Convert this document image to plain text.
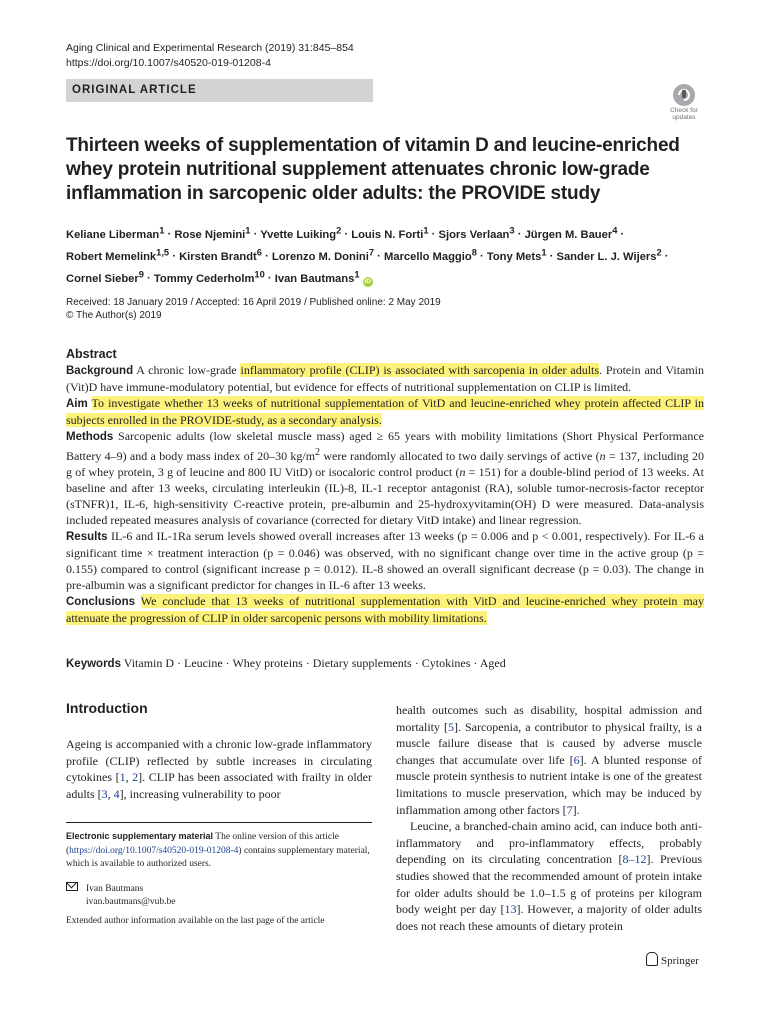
Aging Clinical and Experimental Research (2019) 31:845–854
https://doi.org/10.1007/s40520-019-01208-4
ORIGINAL ARTICLE
Check for
updates
Thirteen weeks of supplementation of vitamin D and leucine-enriched whey protein nutritional supplement attenuates chronic low-grade inflammation in sarcopenic older adults: the PROVIDE study
Keliane Liberman$^1$ · Rose Njemini$^1$ · Yvette Luiking$^2$ · Louis N. Forti$^1$ · Sjors Verlaan$^3$ · Jürgen M. Bauer$^4$ ·
Robert Memelink$^{1,5}$ · Kirsten Brandt$^6$ · Lorenzo M. Donini$^7$ · Marcello Maggio$^8$ · Tony Mets$^1$ · Sander L. J. Wijers$^2$ ·
Cornel Sieber$^9$ · Tommy Cederholm$^{10}$ · Ivan Bautmans$^1$ iD
Received: 18 January 2019 / Accepted: 16 April 2019 / Published online: 2 May 2019
© The Author(s) 2019
Abstract

Background A chronic low-grade inflammatory profile (CLIP) is associated with sarcopenia in older adults. Protein and Vitamin (Vit)D have immune-modulatory potential, but evidence for effects of nutritional supplementation on CLIP is limited.

Aim To investigate whether 13 weeks of nutritional supplementation of VitD and leucine-enriched whey protein affected CLIP in subjects enrolled in the PROVIDE-study, as a secondary analysis.

Methods Sarcopenic adults (low skeletal muscle mass) aged ≥ 65 years with mobility limitations (Short Physical Performance Battery 4–9) and a body mass index of 20–30 $kg/m^2$ were randomly allocated to two daily servings of active (n = 137, including 20 g of whey protein, 3 g of leucine and 800 IU VitD) or isocaloric control product (n = 151) for a double-blind period of 13 weeks. At baseline and after 13 weeks, circulating interleukin (IL)-8, IL-1 receptor antagonist (RA), soluble tumor-necrosis-factor receptor (sTNFR)1, IL-6, high-sensitivity C-reactive protein, pre-albumin and 25-hydroxyvitamin(OH) D were measured. Data-analysis included repeated measures analysis of covariance (corrected for dietary VitD intake) and linear regression.

Results IL-6 and IL-1Ra serum levels showed overall increases after 13 weeks (p = 0.006 and p < 0.001, respectively). For IL-6 a significant time × treatment interaction (p = 0.046) was observed, with no significant change over time in the active group (p = 0.155) compared to control (significant increase p = 0.012). IL-8 showed an overall significant decrease (p = 0.03). The change in pre-albumin was a significant predictor for changes in IL-6 after 13 weeks.

Conclusions We conclude that 13 weeks of nutritional supplementation with VitD and leucine-enriched whey protein may attenuate the progression of CLIP in older sarcopenic persons with mobility limitations.

Keywords Vitamin D · Leucine · Whey proteins · Dietary supplements · Cytokines · Aged
Introduction

Ageing is accompanied with a chronic low-grade inflammatory profile (CLIP) reflected by subtle increases in circulating cytokines [1, 2]. CLIP has been associated with frailty in older adults [3, 4], increasing vulnerability to poor

health outcomes such as disability, hospital admission and mortality [5]. Sarcopenia, a contributor to physical frailty, is a muscle failure disease that is caused by adverse muscle changes that accumulate over life [6]. A blunted response of muscle protein synthesis to nutrient intake is one of the greatest limitations to muscle preservation, which may be induced by inflammation among other factors [7].

Leucine, a branched-chain amino acid, can induce both anti-inflammatory and pro-inflammatory effects, probably depending on its circulating concentration [8–12]. Previous studies showed that the recommended amount of protein intake for older adults should be 1.0–1.5 g of proteins per kilogram body weight per day [13]. However, a majority of older adults does not reach these amounts of dietary protein

Electronic supplementary material The online version of this article (https://doi.org/10.1007/s40520-019-01208-4) contains supplementary material, which is available to authorized users.

Ivan Bautmans
ivan.bautmans@vub.be
Extended author information available on the last page of the article
Springer
